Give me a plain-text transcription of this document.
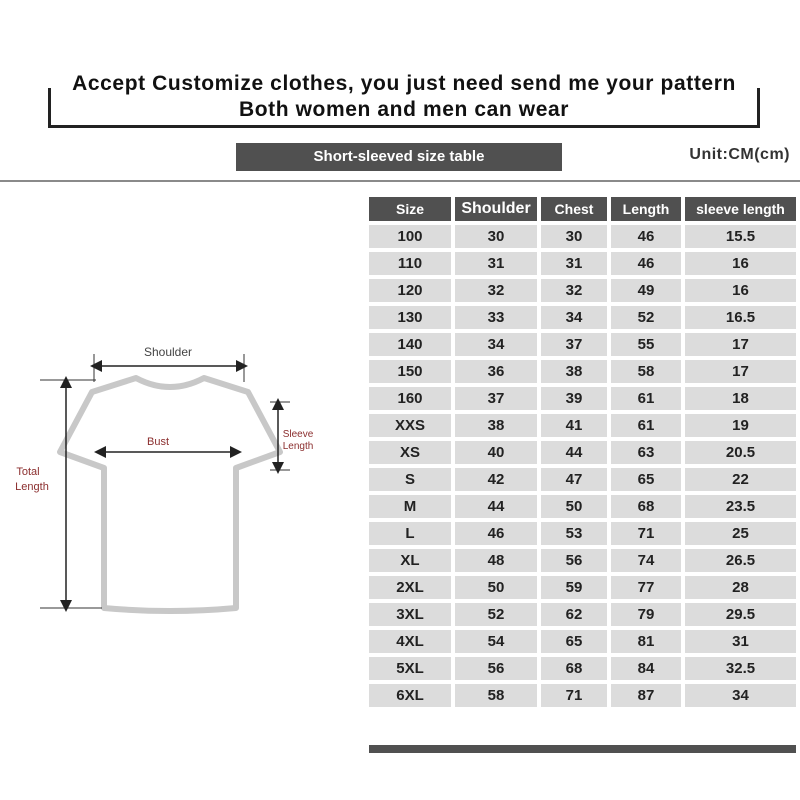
Accept Customize clothes, you just need send me your pattern
Both women and men can wear
Short-sleeved size table	Unit:CM(cm)
Shoulder
Bust
Sleeve
Length
Total
Length
Size		Shoulder		Chest		Length		sleeve length
100		30		30		46		15.5
110		31		31		46		16
120		32		32		49		16
130		33		34		52		16.5
140		34		37		55		17
150		36		38		58		17
160		37		39		61		18
XXS		38		41		61		19
XS		40		44		63		20.5
S		42		47		65		22
M		44		50		68		23.5
L		46		53		71		25
XL		48		56		74		26.5
2XL		50		59		77		28
3XL		52		62		79		29.5
4XL		54		65		81		31
5XL		56		68		84		32.5
6XL		58		71		87		34
